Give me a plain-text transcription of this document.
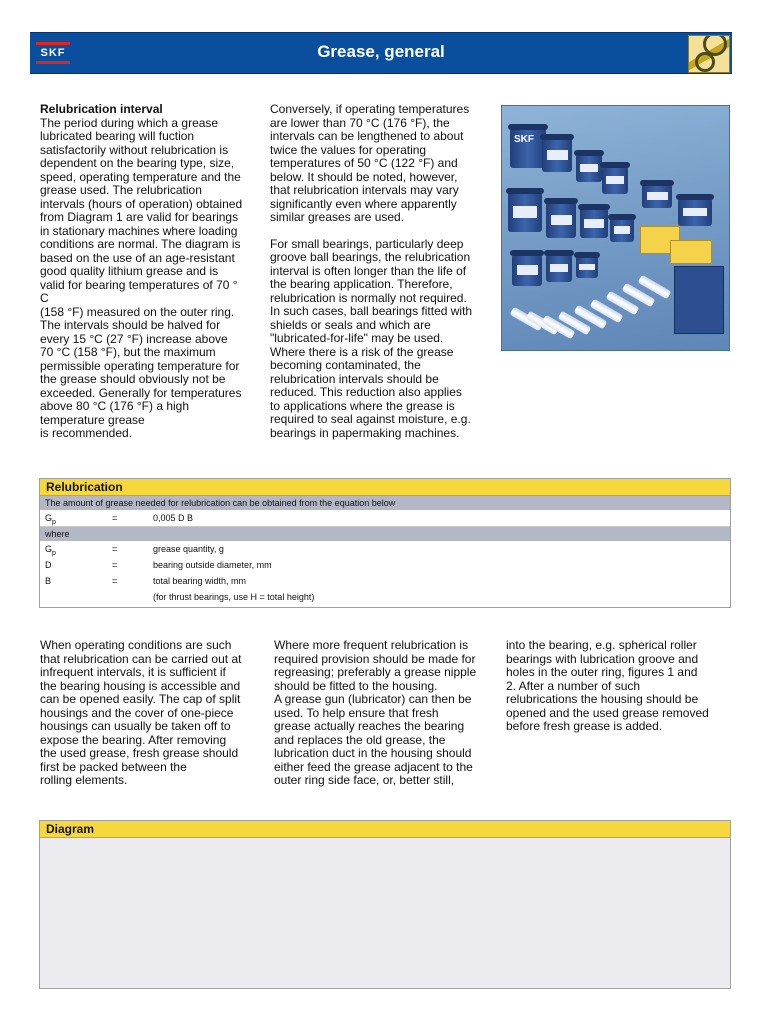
SKF	Grease, general

Relubrication interval

The period during which a grease
lubricated bearing will fuction
satisfactorily without relubrication is
dependent on the bearing type, size,
speed, operating temperature and the
grease used. The relubrication
intervals (hours of operation) obtained
from Diagram 1 are valid for bearings
in stationary machines where loading
conditions are normal. The diagram is
based on the use of an age-resistant
good quality lithium grease and is
valid for bearing temperatures of 70 °
C
(158 °F) measured on the outer ring.
The intervals should be halved for
every 15 °C (27 °F) increase above
70 °C (158 °F), but the maximum
permissible operating temperature for
the grease should obviously not be
exceeded. Generally for temperatures
above 80 °C (176 °F) a high
temperature grease
is recommended.

Conversely, if operating temperatures
are lower than 70 °C (176 °F), the
intervals can be lengthened to about
twice the values for operating
temperatures of 50 °C (122 °F) and
below. It should be noted, however,
that relubrication intervals may vary
significantly even where apparently
similar greases are used.

For small bearings, particularly deep
groove ball bearings, the relubrication
interval is often longer than the life of
the bearing application. Therefore,
relubrication is normally not required.
In such cases, ball bearings fitted with
shields or seals and which are
"lubricated-for-life" may be used.
Where there is a risk of the grease
becoming contaminated, the
relubrication intervals should be
reduced. This reduction also applies
to applications where the grease is
required to seal against moisture, e.g.
bearings in papermaking machines.

SKF
Relubrication
The amount of grease needed for relubrication can be obtained from the equation below
$G_p$	=	0,005 D B
where
$G_p$	=	grease quantity, g
D	=	bearing outside diameter, mm
B	=	total bearing width, mm
(for thrust bearings, use H = total height)

When operating conditions are such
that relubrication can be carried out at
infrequent intervals, it is sufficient if
the bearing housing is accessible and
can be opened easily. The cap of split
housings and the cover of one-piece
housings can usually be taken off to
expose the bearing. After removing
the used grease, fresh grease should
first be packed between the
rolling elements.

Where more frequent relubrication is
required provision should be made for
regreasing; preferably a grease nipple
should be fitted to the housing.
A grease gun (lubricator) can then be
used. To help ensure that fresh
grease actually reaches the bearing
and replaces the old grease, the
lubrication duct in the housing should
either feed the grease adjacent to the
outer ring side face, or, better still,

into the bearing, e.g. spherical roller
bearings with lubrication groove and
holes in the outer ring, figures 1 and
2. After a number of such
relubrications the housing should be
opened and the used grease removed
before fresh grease is added.

Diagram
